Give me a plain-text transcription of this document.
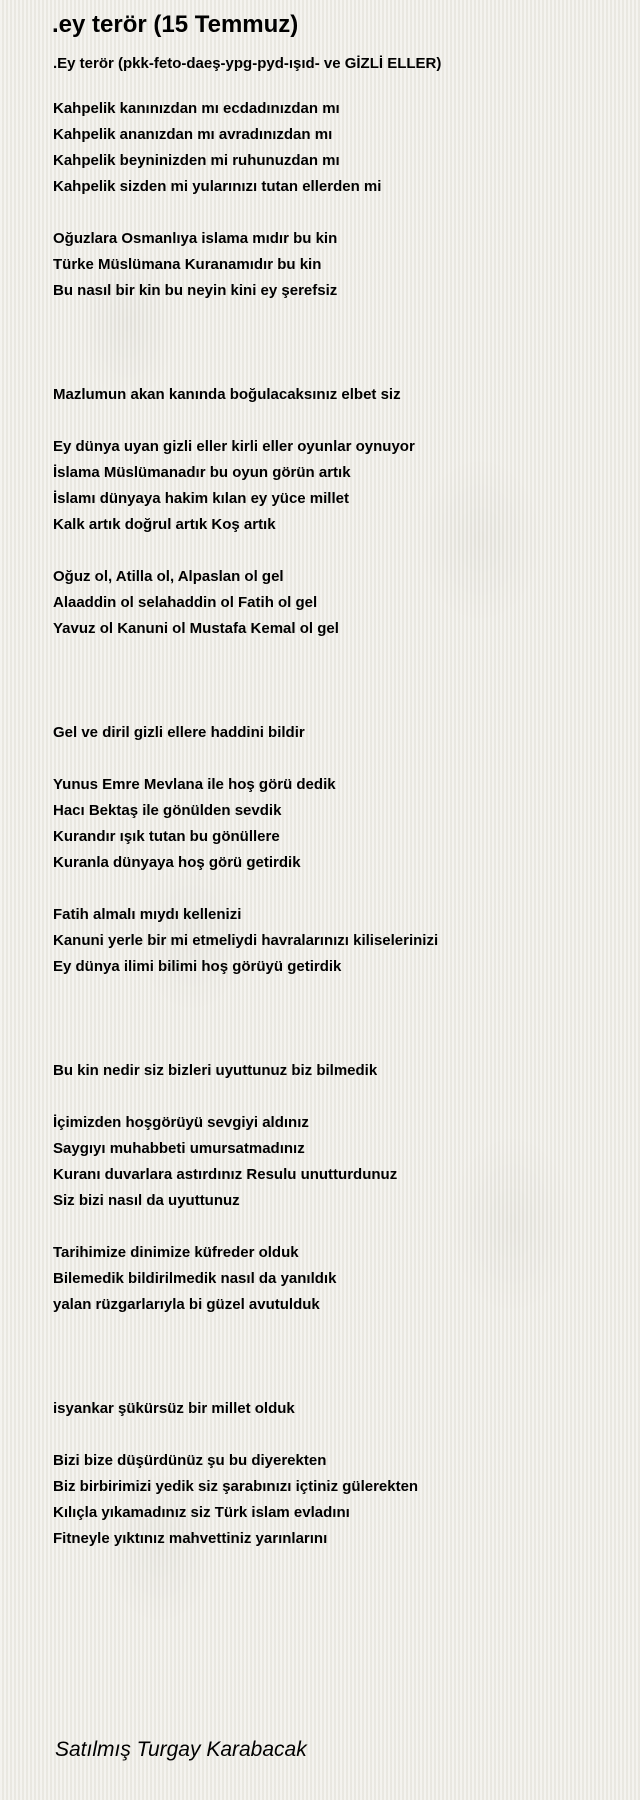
.ey terör (15 Temmuz)
.Ey terör (pkk-feto-daeş-ypg-pyd-ışıd- ve GİZLİ ELLER)
Kahpelik kanınızdan mı ecdadınızdan mı
Kahpelik ananızdan mı avradınızdan mı
Kahpelik beyninizden mi ruhunuzdan mı
Kahpelik sizden mi yularınızı tutan ellerden mi
Oğuzlara Osmanlıya islama mıdır bu kin
Türke Müslümana Kuranamıdır bu kin
Bu nasıl bir kin bu neyin kini ey şerefsiz
Mazlumun akan kanında boğulacaksınız elbet siz
Ey dünya uyan gizli eller kirli eller oyunlar oynuyor
İslama Müslümanadır bu oyun görün artık
İslamı dünyaya hakim kılan ey yüce millet
Kalk artık doğrul artık Koş artık
Oğuz ol, Atilla ol, Alpaslan ol gel
Alaaddin ol selahaddin ol Fatih ol gel
Yavuz ol Kanuni ol Mustafa Kemal ol gel
Gel ve diril gizli ellere haddini bildir
Yunus Emre Mevlana ile hoş görü dedik
Hacı Bektaş ile gönülden sevdik
Kurandır ışık tutan bu gönüllere
Kuranla dünyaya hoş görü getirdik
Fatih almalı mıydı kellenizi
Kanuni yerle bir mi etmeliydi havralarınızı kiliselerinizi
Ey dünya ilimi bilimi hoş görüyü getirdik
Bu kin nedir siz bizleri uyuttunuz biz bilmedik
İçimizden hoşgörüyü sevgiyi aldınız
Saygıyı muhabbeti umursatmadınız
Kuranı duvarlara astırdınız Resulu unutturdunuz
Siz bizi nasıl da uyuttunuz
Tarihimize dinimize küfreder olduk
Bilemedik bildirilmedik nasıl da yanıldık
yalan rüzgarlarıyla bi güzel avutulduk
isyankar şükürsüz bir millet olduk
Bizi bize düşürdünüz şu bu diyerekten
Biz birbirimizi yedik siz şarabınızı içtiniz gülerekten
Kılıçla yıkamadınız siz Türk islam evladını
Fitneyle yıktınız mahvettiniz yarınlarını
Satılmış Turgay Karabacak
